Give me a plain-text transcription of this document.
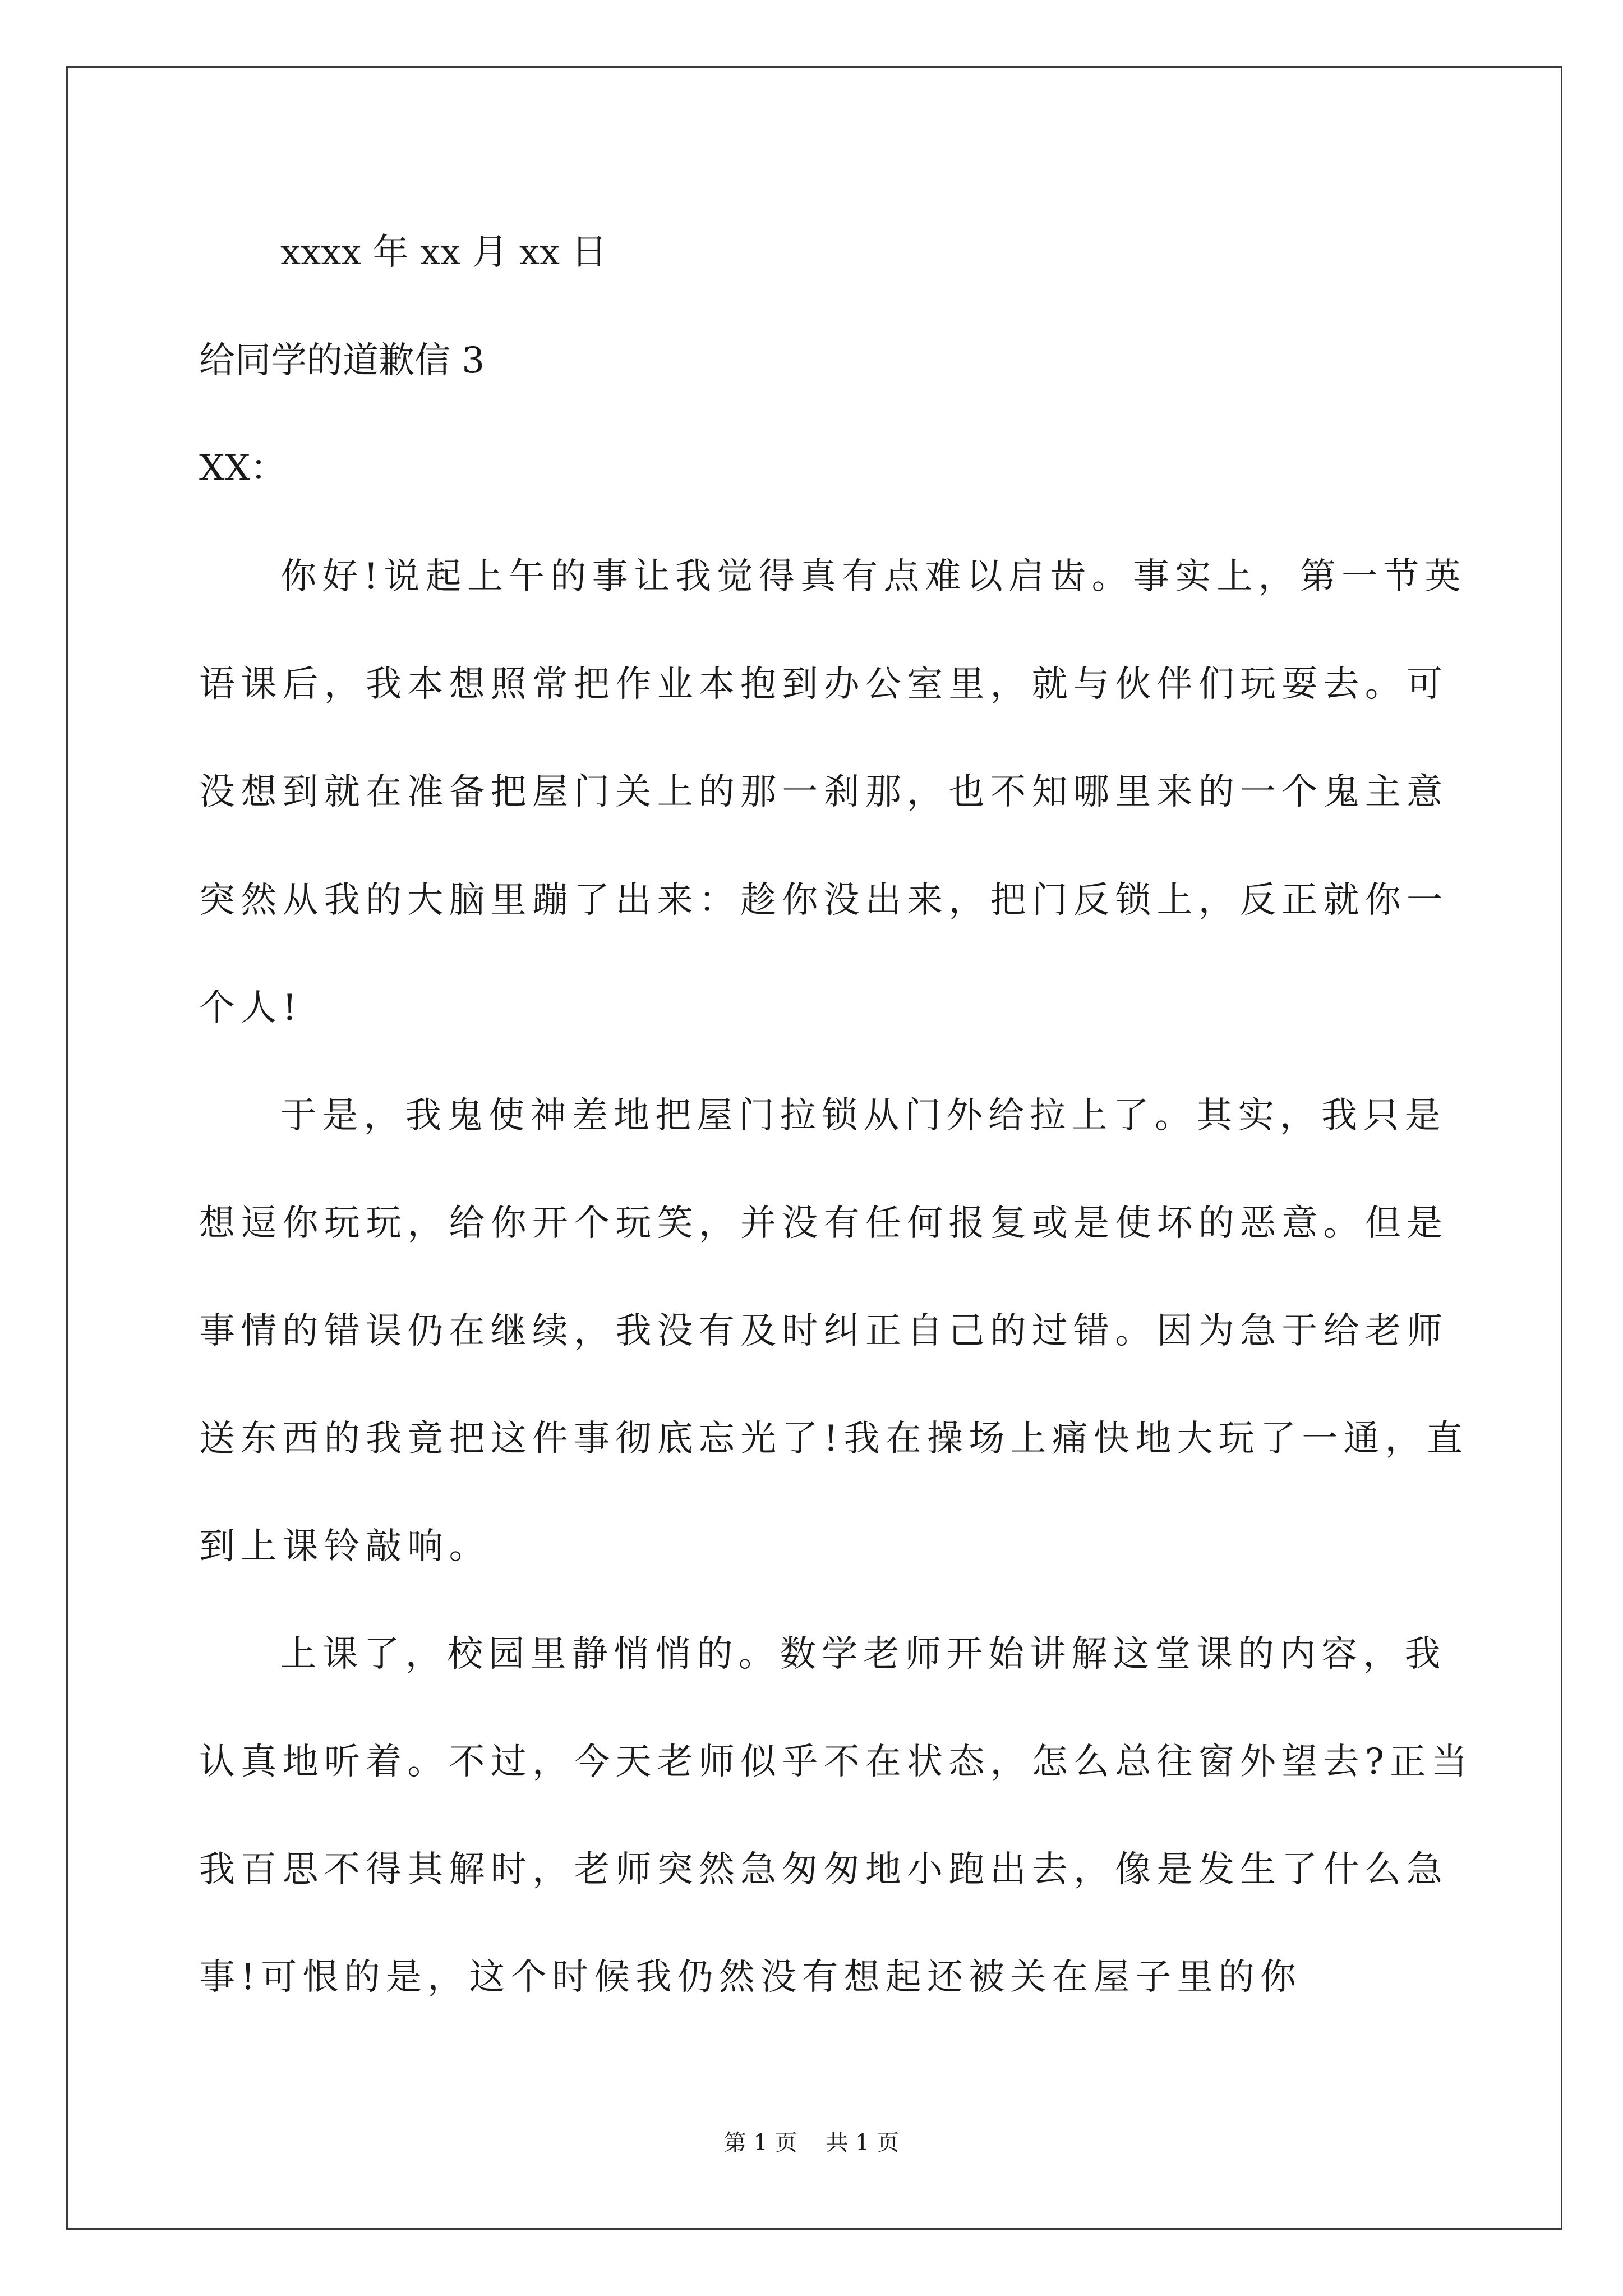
xxxx 年 xx 月 xx 日
给同学的道歉信 3
XX：
你好!说起上午的事让我觉得真有点难以启齿。事实上，第一节英
语课后，我本想照常把作业本抱到办公室里，就与伙伴们玩耍去。可
没想到就在准备把屋门关上的那一刹那，也不知哪里来的一个鬼主意
突然从我的大脑里蹦了出来：趁你没出来，把门反锁上，反正就你一
个人!
于是，我鬼使神差地把屋门拉锁从门外给拉上了。其实，我只是
想逗你玩玩，给你开个玩笑，并没有任何报复或是使坏的恶意。但是
事情的错误仍在继续，我没有及时纠正自己的过错。因为急于给老师
送东西的我竟把这件事彻底忘光了!我在操场上痛快地大玩了一通，直
到上课铃敲响。
上课了，校园里静悄悄的。数学老师开始讲解这堂课的内容，我
认真地听着。不过，今天老师似乎不在状态，怎么总往窗外望去?正当
我百思不得其解时，老师突然急匆匆地小跑出去，像是发生了什么急
事!可恨的是，这个时候我仍然没有想起还被关在屋子里的你
第 1 页    共 1 页
